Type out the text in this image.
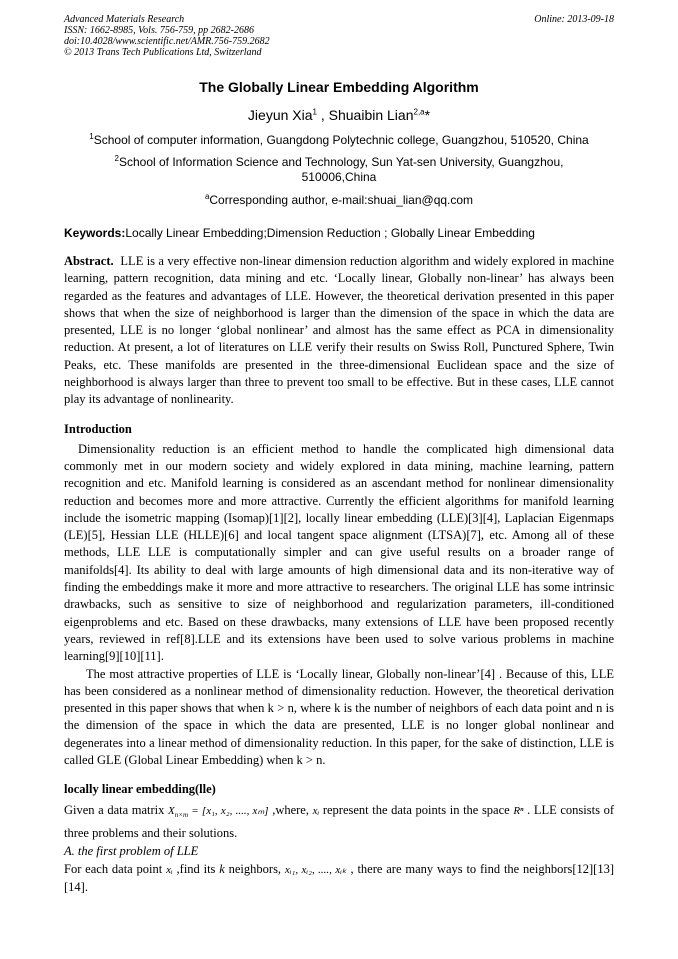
Advanced Materials Research	Online: 2013-09-18
ISSN: 1662-8985, Vols. 756-759, pp 2682-2686
doi:10.4028/www.scientific.net/AMR.756-759.2682
© 2013 Trans Tech Publications Ltd, Switzerland
The Globally Linear Embedding Algorithm
Jieyun Xia$^1$ , Shuaibin Lian$^{2,a}$*
$^1$School of computer information, Guangdong Polytechnic college, Guangzhou, 510520, China
$^2$School of Information Science and Technology, Sun Yat-sen University, Guangzhou, 510006,China
$^a$Corresponding author, e-mail:shuai_lian@qq.com
Keywords:Locally Linear Embedding;Dimension Reduction ; Globally Linear Embedding
Abstract. LLE is a very effective non-linear dimension reduction algorithm and widely explored in machine learning, pattern recognition, data mining and etc. ‘Locally linear, Globally non-linear’ has always been regarded as the features and advantages of LLE. However, the theoretical derivation presented in this paper shows that when the size of neighborhood is larger than the dimension of the space in which the data are presented, LLE is no longer ‘global nonlinear’ and almost has the same effect as PCA in dimensionality reduction. At present, a lot of literatures on LLE verify their results on Swiss Roll, Punctured Sphere, Twin Peaks, etc. These manifolds are presented in the three-dimensional Euclidean space and the size of neighborhood is always larger than three to prevent too small to be effective. But in these cases, LLE cannot play its advantage of nonlinearity.
Introduction
Dimensionality reduction is an efficient method to handle the complicated high dimensional data commonly met in our modern society and widely explored in data mining, machine learning, pattern recognition and etc. Manifold learning is considered as an ascendant method for nonlinear dimensionality reduction and becomes more and more attractive. Currently the efficient algorithms for manifold learning include the isometric mapping (Isomap)[1][2], locally linear embedding (LLE)[3][4], Laplacian Eigenmaps (LE)[5], Hessian LLE (HLLE)[6] and local tangent space alignment (LTSA)[7], etc. Among all of these methods, LLE LLE is computationally simpler and can give useful results on a broader range of manifolds[4]. Its ability to deal with large amounts of high dimensional data and its non-iterative way of finding the embeddings make it more and more attractive to researchers. The original LLE has some intrinsic drawbacks, such as sensitive to size of neighborhood and regularization parameters, ill-conditioned eigenproblems and etc. Based on these drawbacks, many extensions of LLE have been proposed recently years, reviewed in ref[8].LLE and its extensions have been used to solve various problems in machine learning[9][10][11].
The most attractive properties of LLE is ‘Locally linear, Globally non-linear’[4] . Because of this, LLE has been considered as a nonlinear method of dimensionality reduction. However, the theoretical derivation presented in this paper shows that when k > n, where k is the number of neighbors of each data point and n is the dimension of the space in which the data are presented, LLE is no longer global nonlinear and degenerates into a linear method of dimensionality reduction. In this paper, for the sake of distinction, LLE is called GLE (Global Linear Embedding) when k > n.
locally linear embedding(lle)
Given a data matrix $X_{n\times m} = [x_1$, x₂, ...., xₘ] ,where, xᵢ represent the data points in the space Rⁿ . LLE consists of three problems and their solutions.
A. the first problem of LLE
For each data point xᵢ ,find its k neighbors, xᵢ₁, xᵢ₂, ...., xᵢₖ , there are many ways to find the neighbors[12][13][14].
